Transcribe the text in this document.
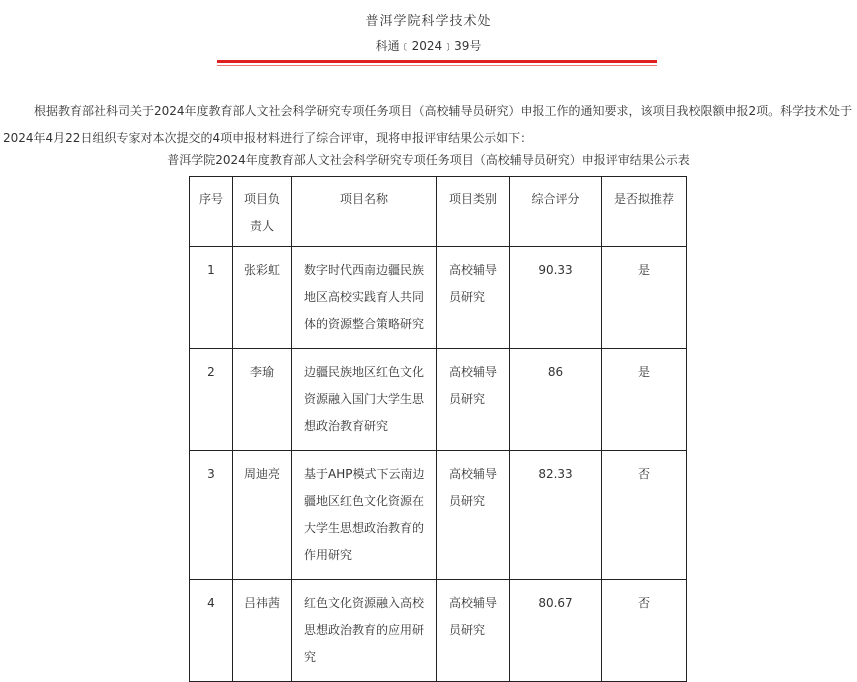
普洱学院科学技术处
科通﹝2024﹞39号

根据教育部社科司关于2024年度教育部人文社会科学研究专项任务项目（高校辅导员研究）申报工作的通知要求，该项目我校限额申报2项。科学技术处于2024年4月22日组织专家对本次提交的4项申报材料进行了综合评审，现将申报评审结果公示如下：

普洱学院2024年度教育部人文社会科学研究专项任务项目（高校辅导员研究）申报评审结果公示表
序号	项目负责人	项目名称	项目类别	综合评分	是否拟推荐
1	张彩虹	数字时代西南边疆民族地区高校实践育人共同体的资源整合策略研究	高校辅导员研究	90.33	是
2	李瑜	边疆民族地区红色文化资源融入国门大学生思想政治教育研究	高校辅导员研究	86	是
3	周迪亮	基于AHP模式下云南边疆地区红色文化资源在大学生思想政治教育的作用研究	高校辅导员研究	82.33	否
4	吕祎茜	红色文化资源融入高校思想政治教育的应用研究	高校辅导员研究	80.67	否
